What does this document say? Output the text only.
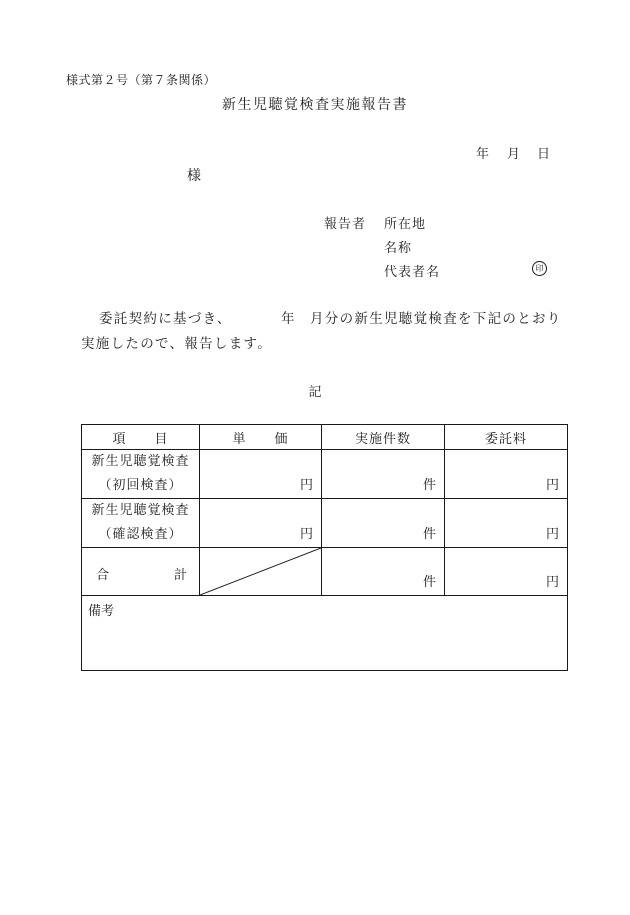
様式第２号（第７条関係）
新生児聴覚検査実施報告書
年 月 日
様
報告者 所在地
名称
代表者名	印
委託契約に基づき、	年 月分の新生児聴覚検査を下記のとおり
実施したので、報告します。
記
項　　目	単　　価	実施件数	委託料

新生児聴覚検査
（初回検査）	円	件	円

新生児聴覚検査
（確認検査）	円	件	円

合 計		件	円
備考			
